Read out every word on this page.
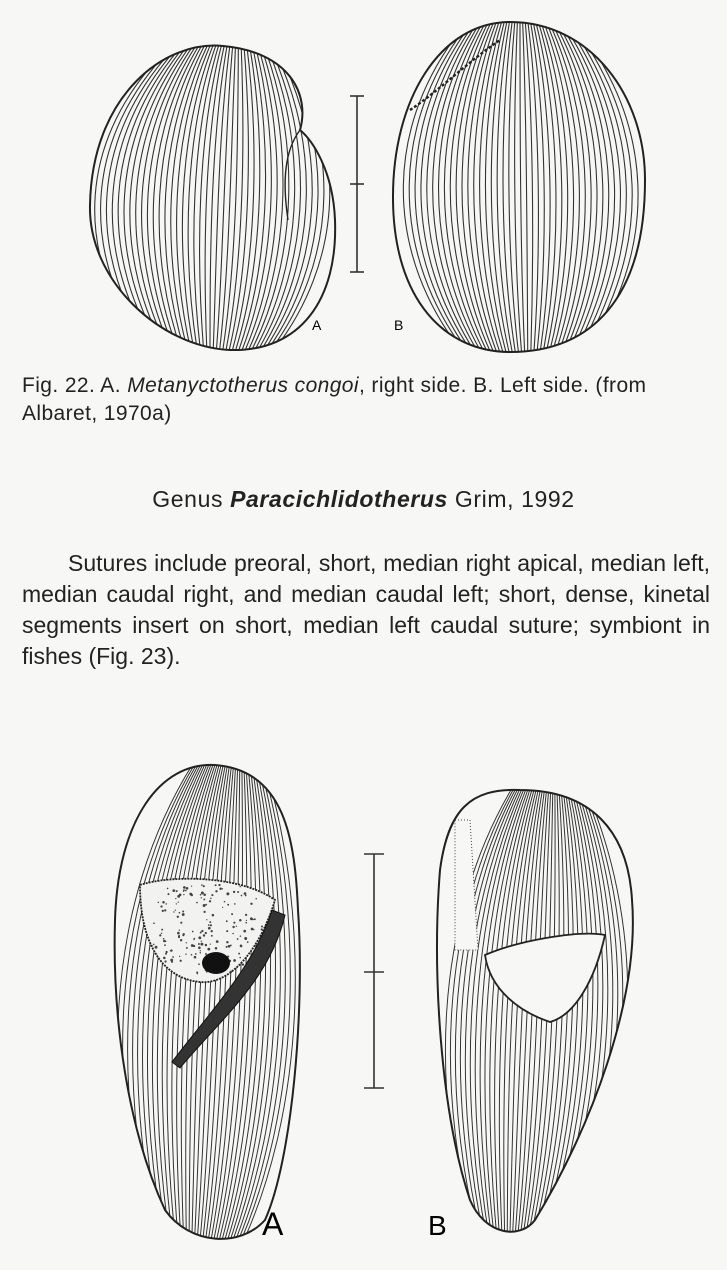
A	B
Fig. 22. A. Metanyctotherus congoi, right side. B. Left side. (from Albaret, 1970a)
Genus Paracichlidotherus Grim, 1992

Sutures include preoral, short, median right apical, median left, median caudal right, and median caudal left; short, dense, kinetal segments insert on short, median left caudal suture; symbiont in fishes (Fig. 23).

A	B
